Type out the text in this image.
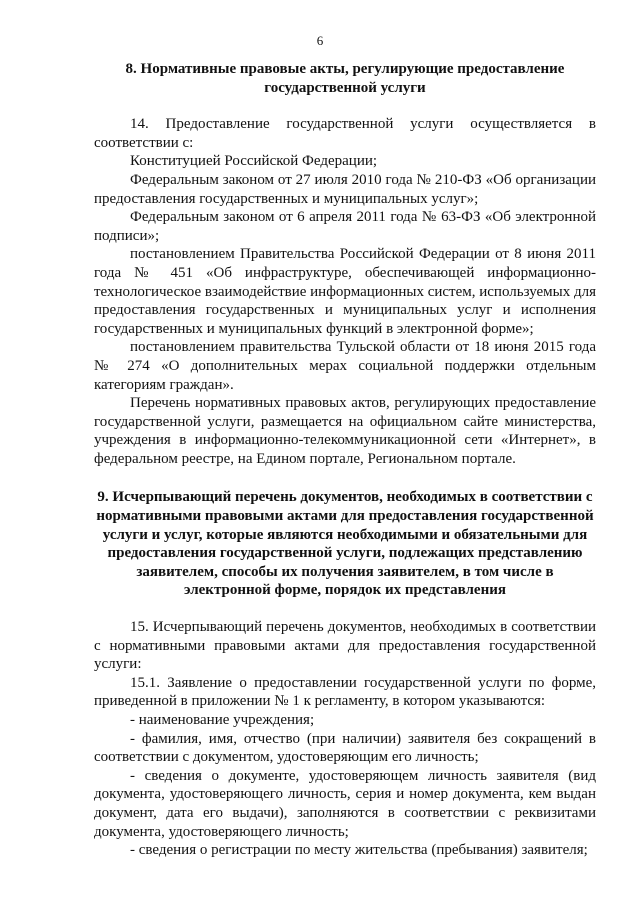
6
8. Нормативные правовые акты, регулирующие предоставление государственной услуги

14. Предоставление государственной услуги осуществляется в соответствии с:

Конституцией Российской Федерации;

Федеральным законом от 27 июля 2010 года № 210-ФЗ «Об организации предоставления государственных и муниципальных услуг»;

Федеральным законом от 6 апреля 2011 года № 63-ФЗ «Об электронной подписи»;

постановлением Правительства Российской Федерации от 8 июня 2011 года № 451 «Об инфраструктуре, обеспечивающей информационно-технологическое взаимодействие информационных систем, используемых для предоставления государственных и муниципальных услуг и исполнения государственных и муниципальных функций в электронной форме»;

постановлением правительства Тульской области от 18 июня 2015 года № 274 «О дополнительных мерах социальной поддержки отдельным категориям граждан».

Перечень нормативных правовых актов, регулирующих предоставление государственной услуги, размещается на официальном сайте министерства, учреждения в информационно-телекоммуникационной сети «Интернет», в федеральном реестре, на Едином портале, Региональном портале.

9. Исчерпывающий перечень документов, необходимых в соответствии с нормативными правовыми актами для предоставления государственной услуги и услуг, которые являются необходимыми и обязательными для предоставления государственной услуги, подлежащих представлению заявителем, способы их получения заявителем, в том числе в электронной форме, порядок их представления

15. Исчерпывающий перечень документов, необходимых в соответствии с нормативными правовыми актами для предоставления государственной услуги:

15.1. Заявление о предоставлении государственной услуги по форме, приведенной в приложении № 1 к регламенту, в котором указываются:

- наименование учреждения;

- фамилия, имя, отчество (при наличии) заявителя без сокращений в соответствии с документом, удостоверяющим его личность;

- сведения о документе, удостоверяющем личность заявителя (вид документа, удостоверяющего личность, серия и номер документа, кем выдан документ, дата его выдачи), заполняются в соответствии с реквизитами документа, удостоверяющего личность;

- сведения о регистрации по месту жительства (пребывания) заявителя;
